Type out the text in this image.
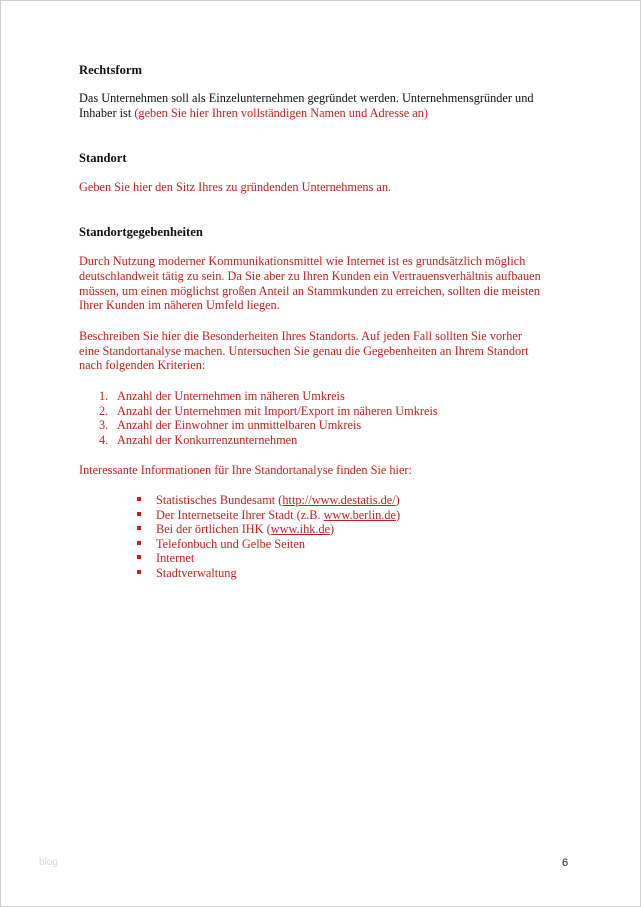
Rechtsform
Das Unternehmen soll als Einzelunternehmen gegründet werden. Unternehmensgründer und
Inhaber ist (geben Sie hier Ihren vollständigen Namen und Adresse an)
Standort
Geben Sie hier den Sitz Ihres zu gründenden Unternehmens an.
Standortgegebenheiten
Durch Nutzung moderner Kommunikationsmittel wie Internet ist es grundsätzlich möglich
deutschlandweit tätig zu sein. Da Sie aber zu Ihren Kunden ein Vertrauensverhältnis aufbauen
müssen, um einen möglichst großen Anteil an Stammkunden zu erreichen, sollten die meisten
Ihrer Kunden im näheren Umfeld liegen.
Beschreiben Sie hier die Besonderheiten Ihres Standorts. Auf jeden Fall sollten Sie vorher
eine Standortanalyse machen. Untersuchen Sie genau die Gegebenheiten an Ihrem Standort
nach folgenden Kriterien:
1. Anzahl der Unternehmen im näheren Umkreis
2. Anzahl der Unternehmen mit Import/Export im näheren Umkreis
3. Anzahl der Einwohner im unmittelbaren Umkreis
4. Anzahl der Konkurrenzunternehmen
Interessante Informationen für Ihre Standortanalyse finden Sie hier:
Statistisches Bundesamt (http://www.destatis.de/)
Der Internetseite Ihrer Stadt (z.B. www.berlin.de)
Bei der örtlichen IHK (www.ihk.de)
Telefonbuch und Gelbe Seiten
Internet
Stadtverwaltung
blog	6
